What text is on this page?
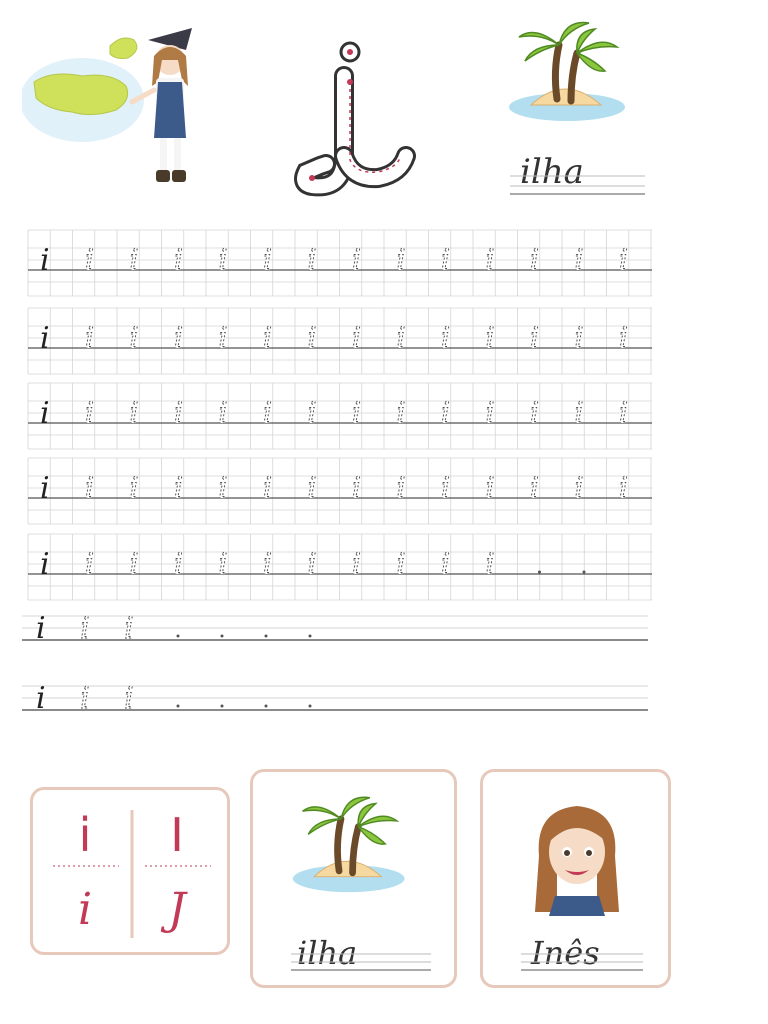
ilha
i i i i i i i i i i i i i i
i i i i i i i i i i i i i i
i i i i i i i i i i i i i i
i i i i i i i i i i i i i i
i i i i i i i i i i i
i i i
i i i
i I
i J
ilha	Inês
